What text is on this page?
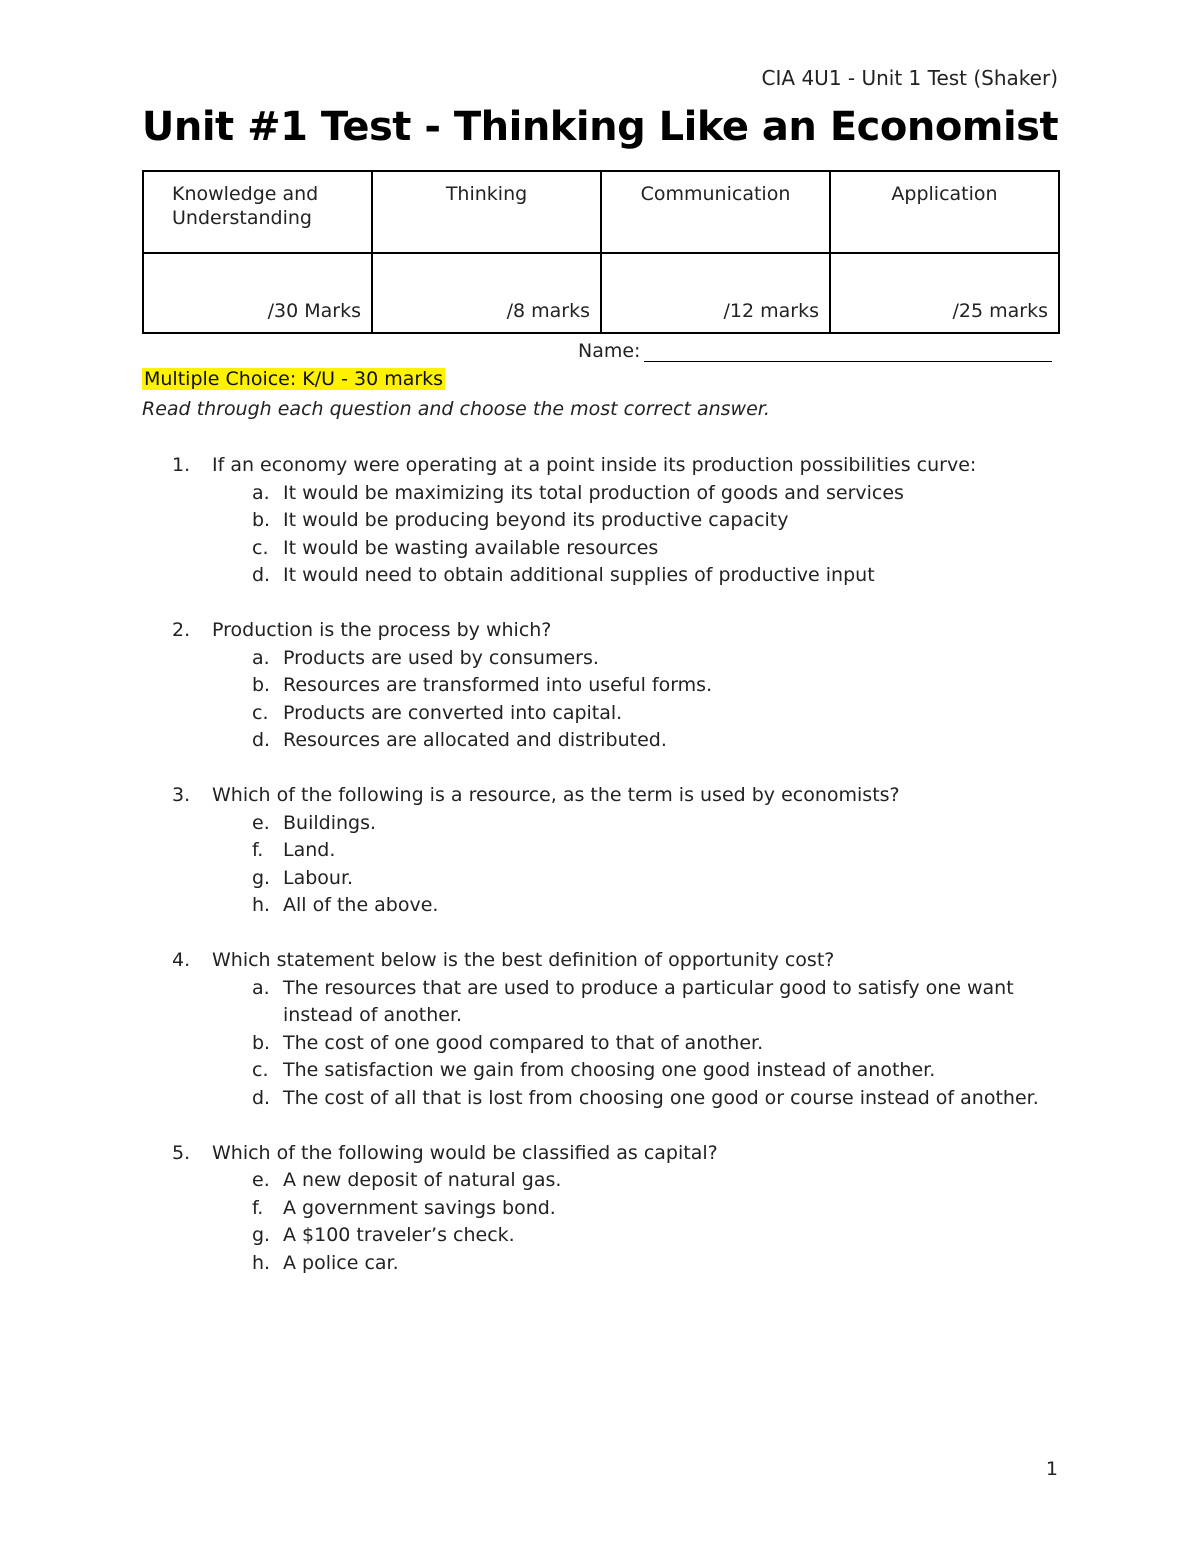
CIA 4U1 - Unit 1 Test (Shaker)
Unit #1 Test - Thinking Like an Economist
Knowledge and Understanding	Thinking	Communication	Application
/30 Marks	/8 marks	/12 marks	/25 marks
Name:
Multiple Choice: K/U - 30 marks
Read through each question and choose the most correct answer.
1.	If an economy were operating at a point inside its production possibilities curve:
a. It would be maximizing its total production of goods and services
b. It would be producing beyond its productive capacity
c. It would be wasting available resources
d. It would need to obtain additional supplies of productive input
2.	Production is the process by which?
a. Products are used by consumers.
b. Resources are transformed into useful forms.
c. Products are converted into capital.
d. Resources are allocated and distributed.
3.	Which of the following is a resource, as the term is used by economists?
e. Buildings.
f.	Land.
g. Labour.
h. All of the above.
4.	Which statement below is the best definition of opportunity cost?
a. The resources that are used to produce a particular good to satisfy one want instead of another.
b. The cost of one good compared to that of another.
c. The satisfaction we gain from choosing one good instead of another.
d. The cost of all that is lost from choosing one good or course instead of another.
5.	Which of the following would be classified as capital?
e. A new deposit of natural gas.
f.	A government savings bond.
g. A $100 traveler’s check.
h. A police car.
1
